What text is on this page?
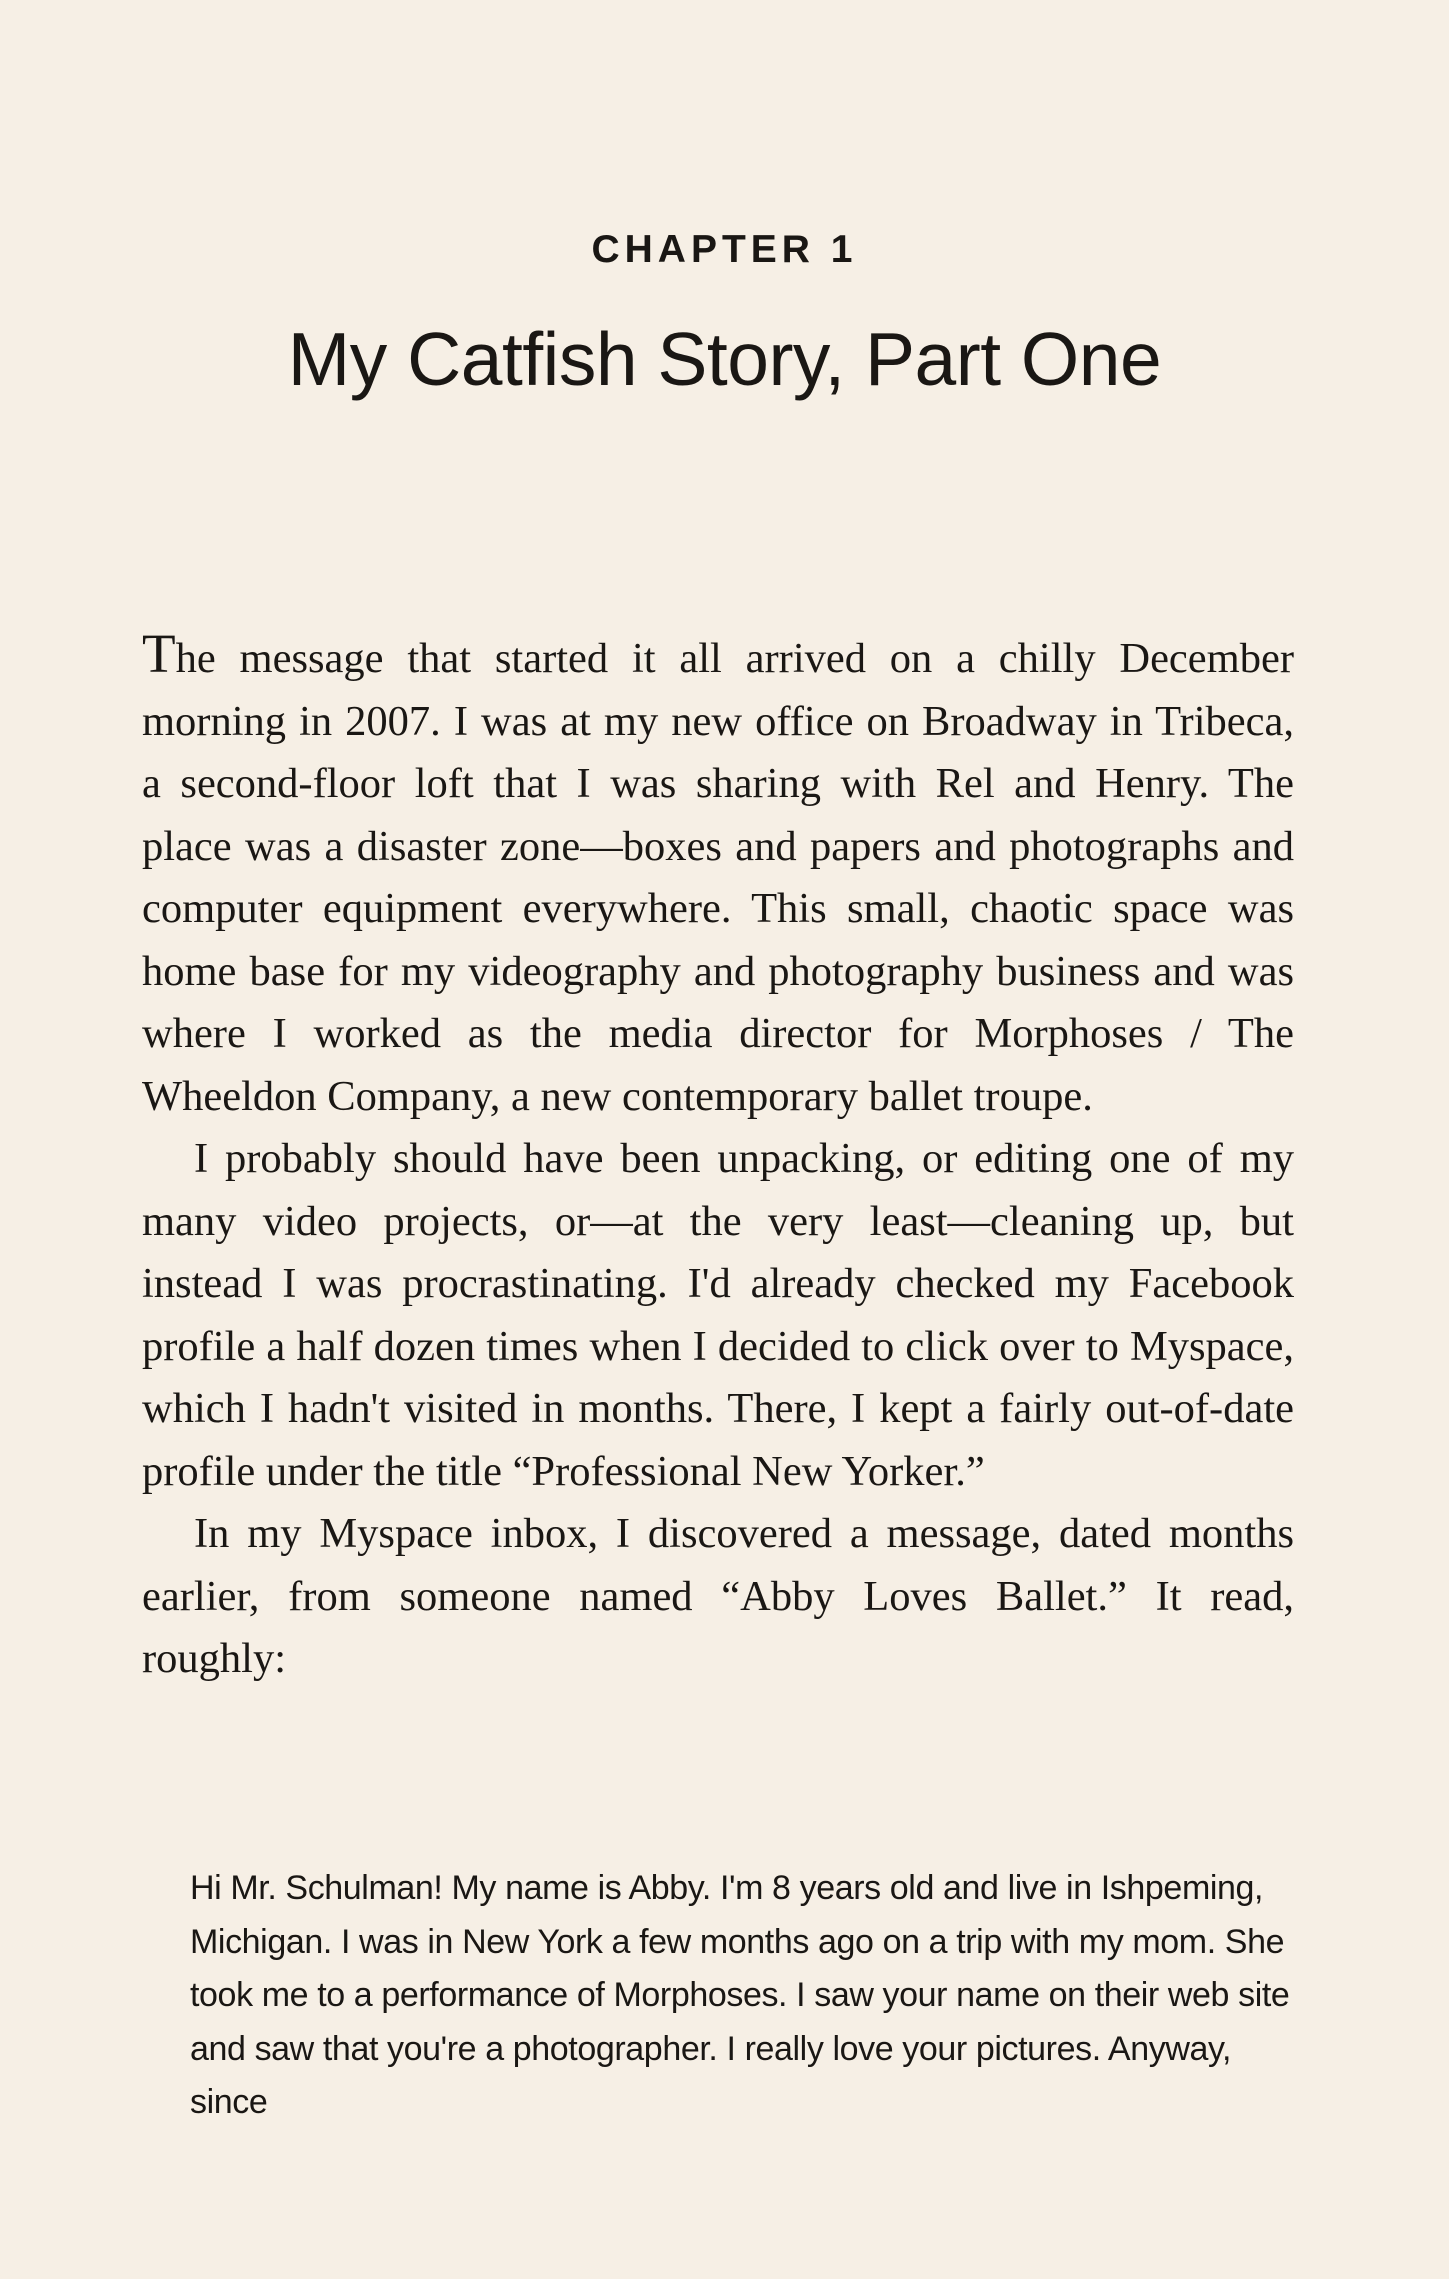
CHAPTER 1
My Catfish Story, Part One

The message that started it all arrived on a chilly December morning in 2007. I was at my new office on Broadway in Tribeca, a second-floor loft that I was sharing with Rel and Henry. The place was a disaster zone—boxes and papers and photographs and computer equipment everywhere. This small, chaotic space was home base for my videography and photography business and was where I worked as the media director for Morphoses / The Wheeldon Company, a new contemporary ballet troupe.

I probably should have been unpacking, or editing one of my many video projects, or—at the very least—cleaning up, but instead I was procrastinating. I'd already checked my Facebook profile a half dozen times when I decided to click over to Myspace, which I hadn't visited in months. There, I kept a fairly out-of-date profile under the title “Professional New Yorker.”

In my Myspace inbox, I discovered a message, dated months earlier, from someone named “Abby Loves Ballet.” It read, roughly:

Hi Mr. Schulman! My name is Abby. I'm 8 years old and live in Ishpeming, Michigan. I was in New York a few months ago on a trip with my mom. She took me to a performance of Morphoses. I saw your name on their web site and saw that you're a photographer. I really love your pictures. Anyway, since
